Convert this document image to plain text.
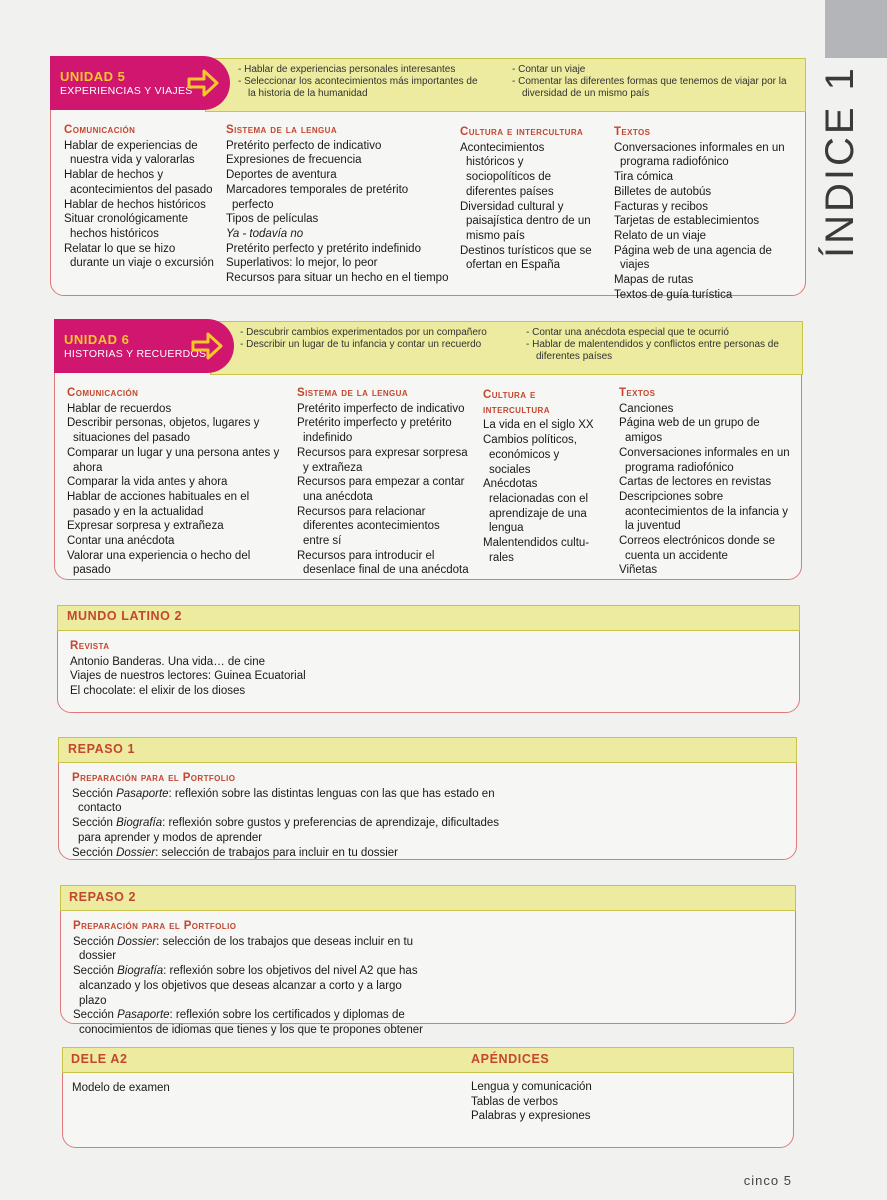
ÍNDICE 1
UNIDAD 5
EXPERIENCIAS Y VIAJES
- Hablar de experiencias personales interesantes
- Seleccionar los acontecimientos más importantes de la historia de la humanidad
- Contar un viaje
- Comentar las diferentes formas que tenemos de viajar por la diversidad de un mismo país
Comunicación
Hablar de experiencias de nuestra vida y valorarlas
Hablar de hechos y acontecimientos del pasado
Hablar de hechos históricos
Situar cronológicamente hechos históricos
Relatar lo que se hizo durante un viaje o excursión
Sistema de la lengua
Pretérito perfecto de indicativo
Expresiones de frecuencia
Deportes de aventura
Marcadores temporales de pretérito perfecto
Tipos de películas
Ya - todavía no
Pretérito perfecto y pretérito indefinido
Superlativos: lo mejor, lo peor
Recursos para situar un hecho en el tiempo
Cultura e intercultura
Acontecimientos históricos y sociopolíticos de diferentes países
Diversidad cultural y paisajística dentro de un mismo país
Destinos turísticos que se ofertan en España
Textos
Conversaciones informales en un programa radiofónico
Tira cómica
Billetes de autobús
Facturas y recibos
Tarjetas de establecimientos
Relato de un viaje
Página web de una agencia de viajes
Mapas de rutas
Textos de guía turística
UNIDAD 6
HISTORIAS Y RECUERDOS
- Descubrir cambios experimentados por un compañero
- Describir un lugar de tu infancia y contar un recuerdo
- Contar una anécdota especial que te ocurrió
- Hablar de malentendidos y conflictos entre personas de diferentes países
Comunicación
Hablar de recuerdos
Describir personas, objetos, lugares y situaciones del pasado
Comparar un lugar y una persona antes y ahora
Comparar la vida antes y ahora
Hablar de acciones habituales en el pasado y en la actualidad
Expresar sorpresa y extrañeza
Contar una anécdota
Valorar una experiencia o hecho del pasado
Sistema de la lengua
Pretérito imperfecto de indicativo
Pretérito imperfecto y pretérito indefinido
Recursos para expresar sorpresa y extrañeza
Recursos para empezar a contar una anécdota
Recursos para relacionar diferentes acontecimientos entre sí
Recursos para introducir el desenlace final de una anécdota
Cultura e intercultura
La vida en el siglo XX
Cambios políticos, económicos y sociales
Anécdotas relacionadas con el aprendizaje de una lengua
Malentendidos cultu-rales
Textos
Canciones
Página web de un grupo de amigos
Conversaciones informales en un programa radiofónico
Cartas de lectores en revistas
Descripciones sobre acontecimientos de la infancia y la juventud
Correos electrónicos donde se cuenta un accidente
Viñetas
MUNDO LATINO 2
Revista
Antonio Banderas. Una vida… de cine
Viajes de nuestros lectores: Guinea Ecuatorial
El chocolate: el elixir de los dioses
REPASO 1
Preparación para el Portfolio
Sección Pasaporte: reflexión sobre las distintas lenguas con las que has estado en contacto
Sección Biografía: reflexión sobre gustos y preferencias de aprendizaje, dificultades para aprender y modos de aprender
Sección Dossier: selección de trabajos para incluir en tu dossier
REPASO 2
Preparación para el Portfolio
Sección Dossier: selección de los trabajos que deseas incluir en tu dossier
Sección Biografía: reflexión sobre los objetivos del nivel A2 que has alcanzado y los objetivos que deseas alcanzar a corto y a largo plazo
Sección Pasaporte: reflexión sobre los certificados y diplomas de conocimientos de idiomas que tienes y los que te propones obtener
DELE A2	APÉNDICES
Modelo de examen	Lengua y comunicación
Tablas de verbos
Palabras y expresiones
cinco 5
